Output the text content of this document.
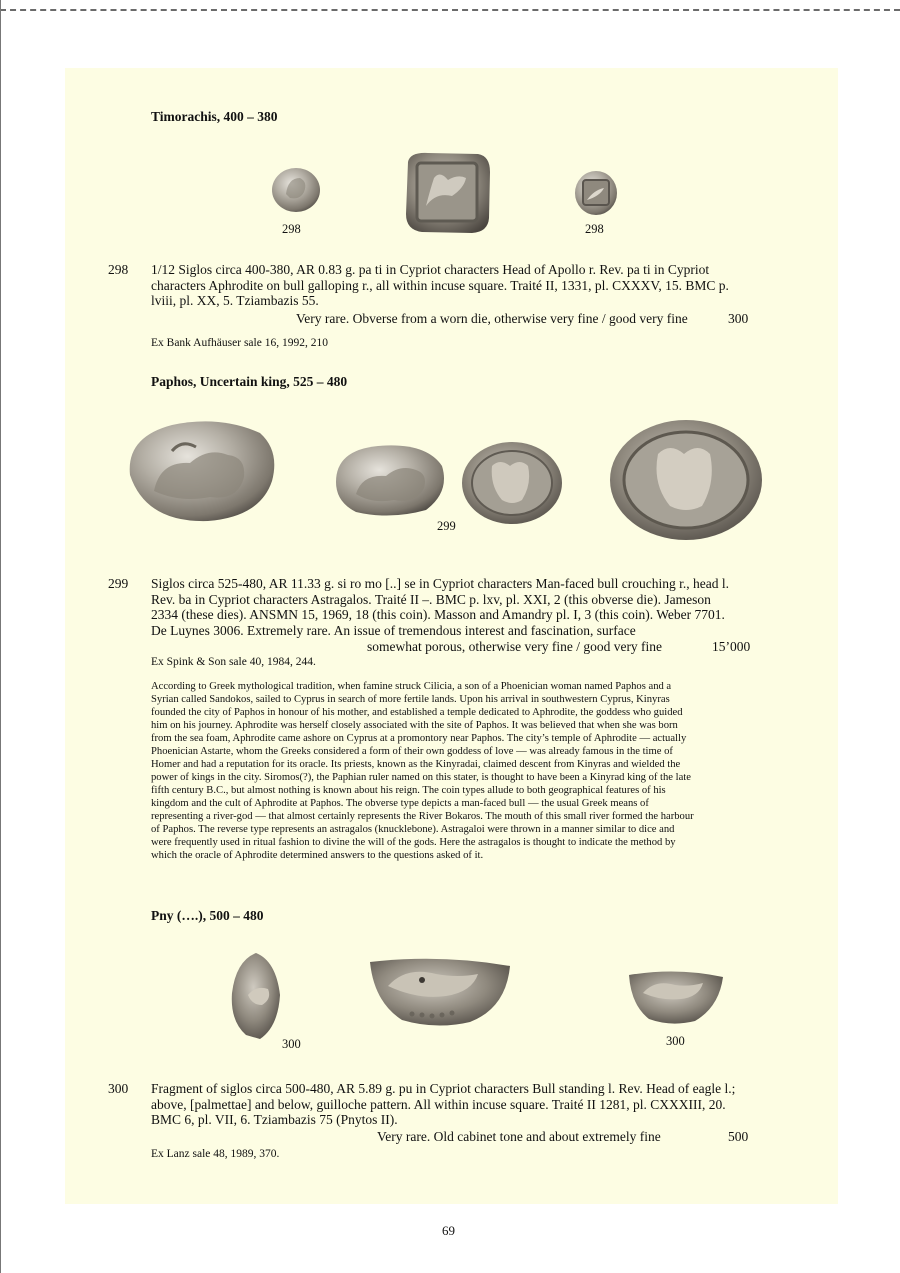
Timorachis, 400 – 380
298	298
298 1/12 Siglos circa 400-380, AR 0.83 g. pa ti in Cypriot characters Head of Apollo r. Rev. pa ti in Cypriot
characters Aphrodite on bull galloping r., all within incuse square. Traité II, 1331, pl. CXXXV, 15. BMC p.
lviii, pl. XX, 5. Tziambazis 55.
Very rare. Obverse from a worn die, otherwise very fine / good very fine	300
Ex Bank Aufhäuser sale 16, 1992, 210
Paphos, Uncertain king, 525 – 480
299
299 Siglos circa 525-480, AR 11.33 g. si ro mo [..] se in Cypriot characters Man-faced bull crouching r., head l.
Rev. ba in Cypriot characters Astragalos. Traité II –. BMC p. lxv, pl. XXI, 2 (this obverse die). Jameson
2334 (these dies). ANSMN 15, 1969, 18 (this coin). Masson and Amandry pl. I, 3 (this coin). Weber 7701.
De Luynes 3006. Extremely rare. An issue of tremendous interest and fascination, surface
somewhat porous, otherwise very fine / good very fine	15’000
Ex Spink & Son sale 40, 1984, 244.
According to Greek mythological tradition, when famine struck Cilicia, a son of a Phoenician woman named Paphos and a
Syrian called Sandokos, sailed to Cyprus in search of more fertile lands. Upon his arrival in southwestern Cyprus, Kinyras
founded the city of Paphos in honour of his mother, and established a temple dedicated to Aphrodite, the goddess who guided
him on his journey. Aphrodite was herself closely associated with the site of Paphos. It was believed that when she was born
from the sea foam, Aphrodite came ashore on Cyprus at a promontory near Paphos. The city’s temple of Aphrodite — actually
Phoenician Astarte, whom the Greeks considered a form of their own goddess of love — was already famous in the time of
Homer and had a reputation for its oracle. Its priests, known as the Kinyradai, claimed descent from Kinyras and wielded the
power of kings in the city. Siromos(?), the Paphian ruler named on this stater, is thought to have been a Kinyrad king of the late
fifth century B.C., but almost nothing is known about his reign. The coin types allude to both geographical features of his
kingdom and the cult of Aphrodite at Paphos. The obverse type depicts a man-faced bull — the usual Greek means of
representing a river-god — that almost certainly represents the River Bokaros. The mouth of this small river formed the harbour
of Paphos. The reverse type represents an astragalos (knucklebone). Astragaloi were thrown in a manner similar to dice and
were frequently used in ritual fashion to divine the will of the gods. Here the astragalos is thought to indicate the method by
which the oracle of Aphrodite determined answers to the questions asked of it.
Pny (….), 500 – 480
300	300
300 Fragment of siglos circa 500-480, AR 5.89 g. pu in Cypriot characters Bull standing l. Rev. Head of eagle l.;
above, [palmettae] and below, guilloche pattern. All within incuse square. Traité II 1281, pl. CXXXIII, 20.
BMC 6, pl. VII, 6. Tziambazis 75 (Pnytos II).
Very rare. Old cabinet tone and about extremely fine	500
Ex Lanz sale 48, 1989, 370.
69
